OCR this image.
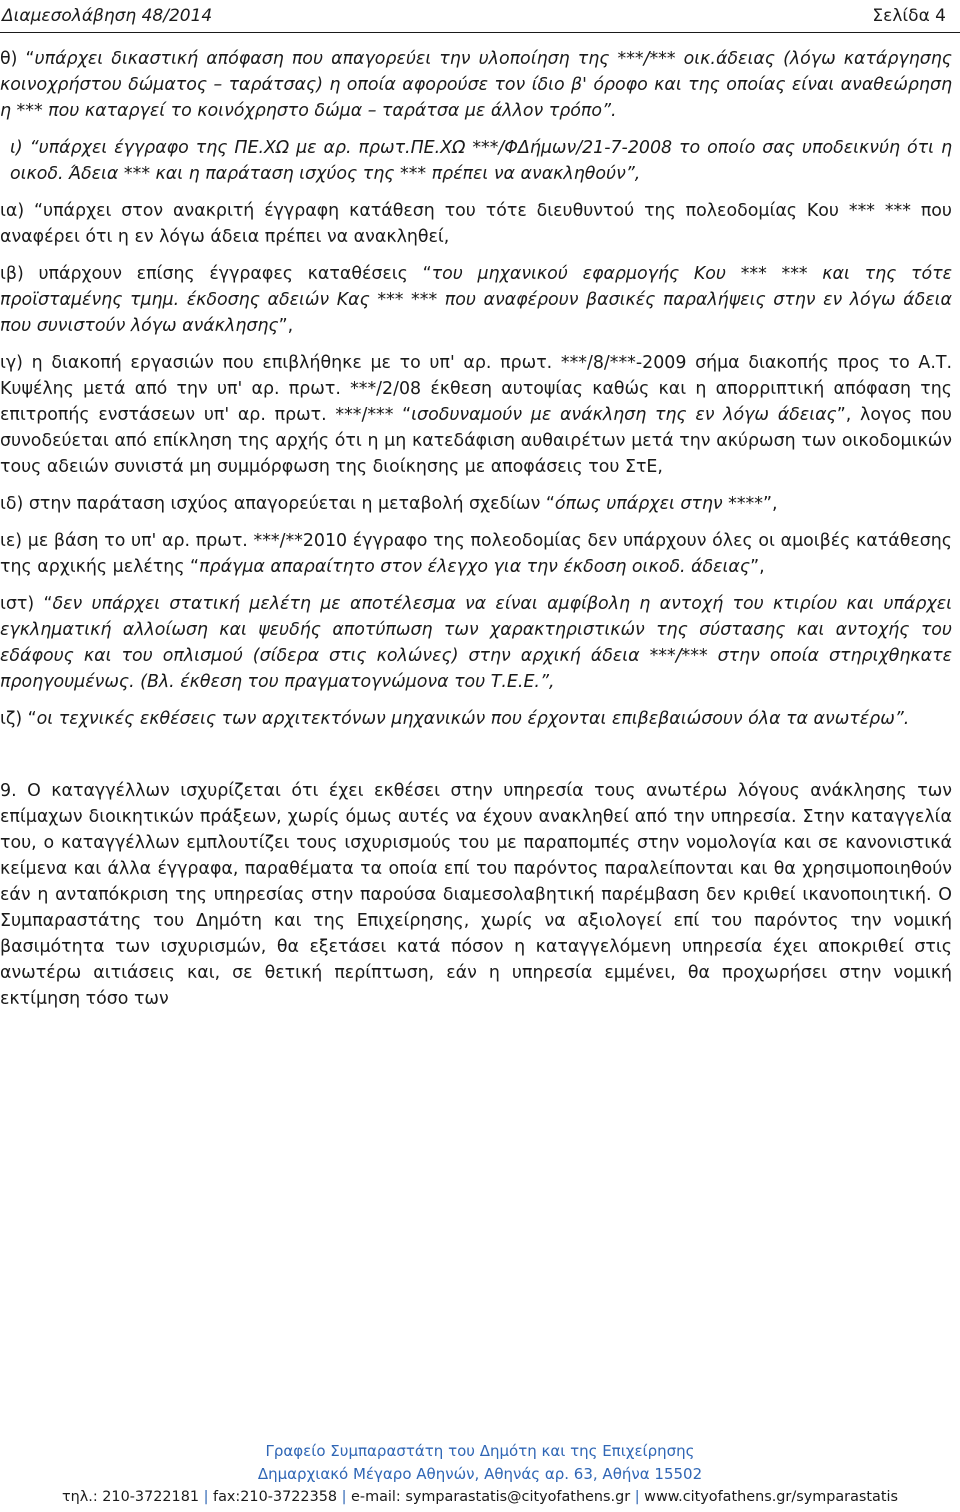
Διαμεσολάβηση 48/2014	Σελίδα 4

θ) “υπάρχει δικαστική απόφαση που απαγορεύει την υλοποίηση της ***/*** οικ.άδειας (λόγω κατάργησης κοινοχρήστου δώματος – ταράτσας) η οποία αφορούσε τον ίδιο β' όροφο και της οποίας είναι αναθεώρηση η *** που καταργεί το κοινόχρηστο δώμα – ταράτσα με άλλον τρόπο”.

ι) “υπάρχει έγγραφο της ΠΕ.ΧΩ με αρ. πρωτ.ΠΕ.ΧΩ ***/ΦΔήμων/21-7-2008 το οποίο σας υποδεικνύη ότι η οικοδ. Άδεια *** και η παράταση ισχύος της *** πρέπει να ανακληθούν”,

ια) “υπάρχει στον ανακριτή έγγραφη κατάθεση του τότε διευθυντού της πολεοδομίας Κου *** *** που αναφέρει ότι η εν λόγω άδεια πρέπει να ανακληθεί,

ιβ) υπάρχουν επίσης έγγραφες καταθέσεις “του μηχανικού εφαρμογής Κου *** *** και της τότε προϊσταμένης τμημ. έκδοσης αδειών Κας *** *** που αναφέρουν βασικές παραλήψεις στην εν λόγω άδεια που συνιστούν λόγω ανάκλησης”,

ιγ) η διακοπή εργασιών που επιβλήθηκε με το υπ' αρ. πρωτ. ***/8/***-2009 σήμα διακοπής προς το Α.Τ. Κυψέλης μετά από την υπ' αρ. πρωτ. ***/2/08 έκθεση αυτοψίας καθώς και η απορριπτική απόφαση της επιτροπής ενστάσεων υπ' αρ. πρωτ. ***/*** “ισοδυναμούν με ανάκληση της εν λόγω άδειας”, λογος που συνοδεύεται από επίκληση της αρχής ότι η μη κατεδάφιση αυθαιρέτων μετά την ακύρωση των οικοδομικών τους αδειών συνιστά μη συμμόρφωση της διοίκησης με αποφάσεις του ΣτΕ,

ιδ) στην παράταση ισχύος απαγορεύεται η μεταβολή σχεδίων “όπως υπάρχει στην ****”,

ιε) με βάση το υπ' αρ. πρωτ. ***/**2010 έγγραφο της πολεοδομίας δεν υπάρχουν όλες οι αμοιβές κατάθεσης της αρχικής μελέτης “πράγμα απαραίτητο στον έλεγχο για την έκδοση οικοδ. άδειας”,

ιστ) “δεν υπάρχει στατική μελέτη με αποτέλεσμα να είναι αμφίβολη η αντοχή του κτιρίου και υπάρχει εγκληματική αλλοίωση και ψευδής αποτύπωση των χαρακτηριστικών της σύστασης και αντοχής του εδάφους και του οπλισμού (σίδερα στις κολώνες) στην αρχική άδεια ***/*** στην οποία στηριχθηκατε προηγουμένως. (Βλ. έκθεση του πραγματογνώμονα του Τ.Ε.Ε.”,

ιζ) “οι τεχνικές εκθέσεις των αρχιτεκτόνων μηχανικών που έρχονται επιβεβαιώσουν όλα τα ανωτέρω”.

9. Ο καταγγέλλων ισχυρίζεται ότι έχει εκθέσει στην υπηρεσία τους ανωτέρω λόγους ανάκλησης των επίμαχων διοικητικών πράξεων, χωρίς όμως αυτές να έχουν ανακληθεί από την υπηρεσία. Στην καταγγελία του, ο καταγγέλλων εμπλουτίζει τους ισχυρισμούς του με παραπομπές στην νομολογία και σε κανονιστικά κείμενα και άλλα έγγραφα, παραθέματα τα οποία επί του παρόντος παραλείπονται και θα χρησιμοποιηθούν εάν η ανταπόκριση της υπηρεσίας στην παρούσα διαμεσολαβητική παρέμβαση δεν κριθεί ικανοποιητική. Ο Συμπαραστάτης του Δημότη και της Επιχείρησης, χωρίς να αξιολογεί επί του παρόντος την νομική βασιμότητα των ισχυρισμών, θα εξετάσει κατά πόσον η καταγγελόμενη υπηρεσία έχει αποκριθεί στις ανωτέρω αιτιάσεις και, σε θετική περίπτωση, εάν η υπηρεσία εμμένει, θα προχωρήσει στην νομική εκτίμηση τόσο των

Γραφείο Συμπαραστάτη του Δημότη και της Επιχείρησης
Δημαρχιακό Μέγαρο Αθηνών, Αθηνάς αρ. 63, Αθήνα 15502
τηλ.: 210-3722181 | fax:210-3722358 | e-mail: symparastatis@cityofathens.gr | www.cityofathens.gr/symparastatis
